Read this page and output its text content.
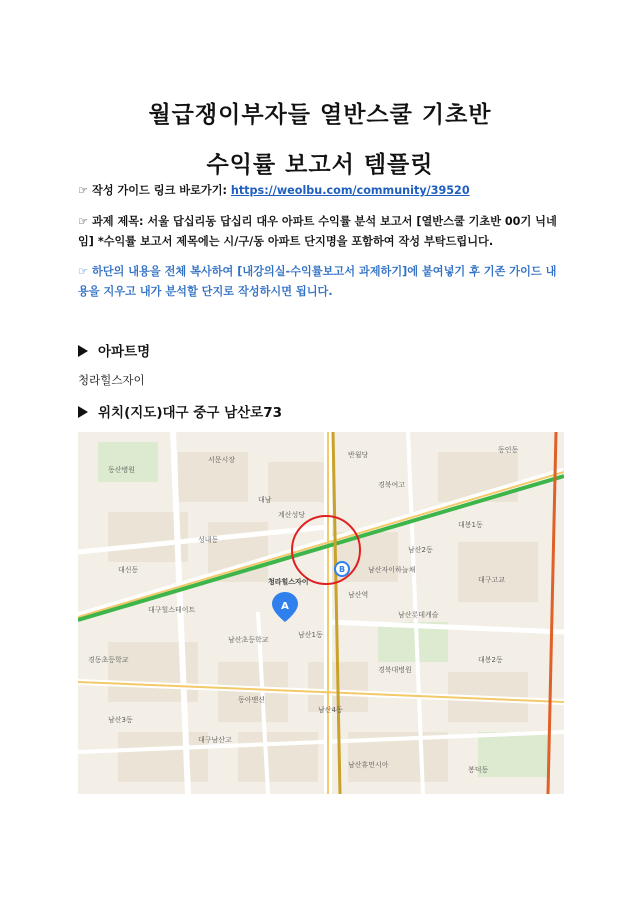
월급쟁이부자들 열반스쿨 기초반
수익률 보고서 템플릿
☞ 작성 가이드 링크 바로가기: https://weolbu.com/community/39520
☞ 과제 제목: 서울 답십리동 답십리 대우 아파트 수익률 분석 보고서 [열반스쿨 기초반 00기 닉네임] *수익률 보고서 제목에는 시/구/동 아파트 단지명을 포함하여 작성 부탁드립니다.
☞ 하단의 내용을 전체 복사하여 [내강의실-수익률보고서 과제하기]에 붙여넣기 후 기존 가이드 내용을 지우고 내가 분석할 단지로 작성하시면 됩니다.
아파트명
청라힐스자이
위치(지도)대구 중구 남산로73
A
B
청라힐스자이
남산역
남산2동
대봉1동
경북여고
대구고교
동산병원
서문시장
반월당
대남
남산초등학교
경동초등학교
대구남산고
대신동
동인동
남산1동
남산3동
남산4동
대봉2동
봉덕동
성내동
경북대병원
계산성당
남산자이하늘채
남산롯데캐슬
대구힐스테이트
동아맨션
남산휴먼시아
